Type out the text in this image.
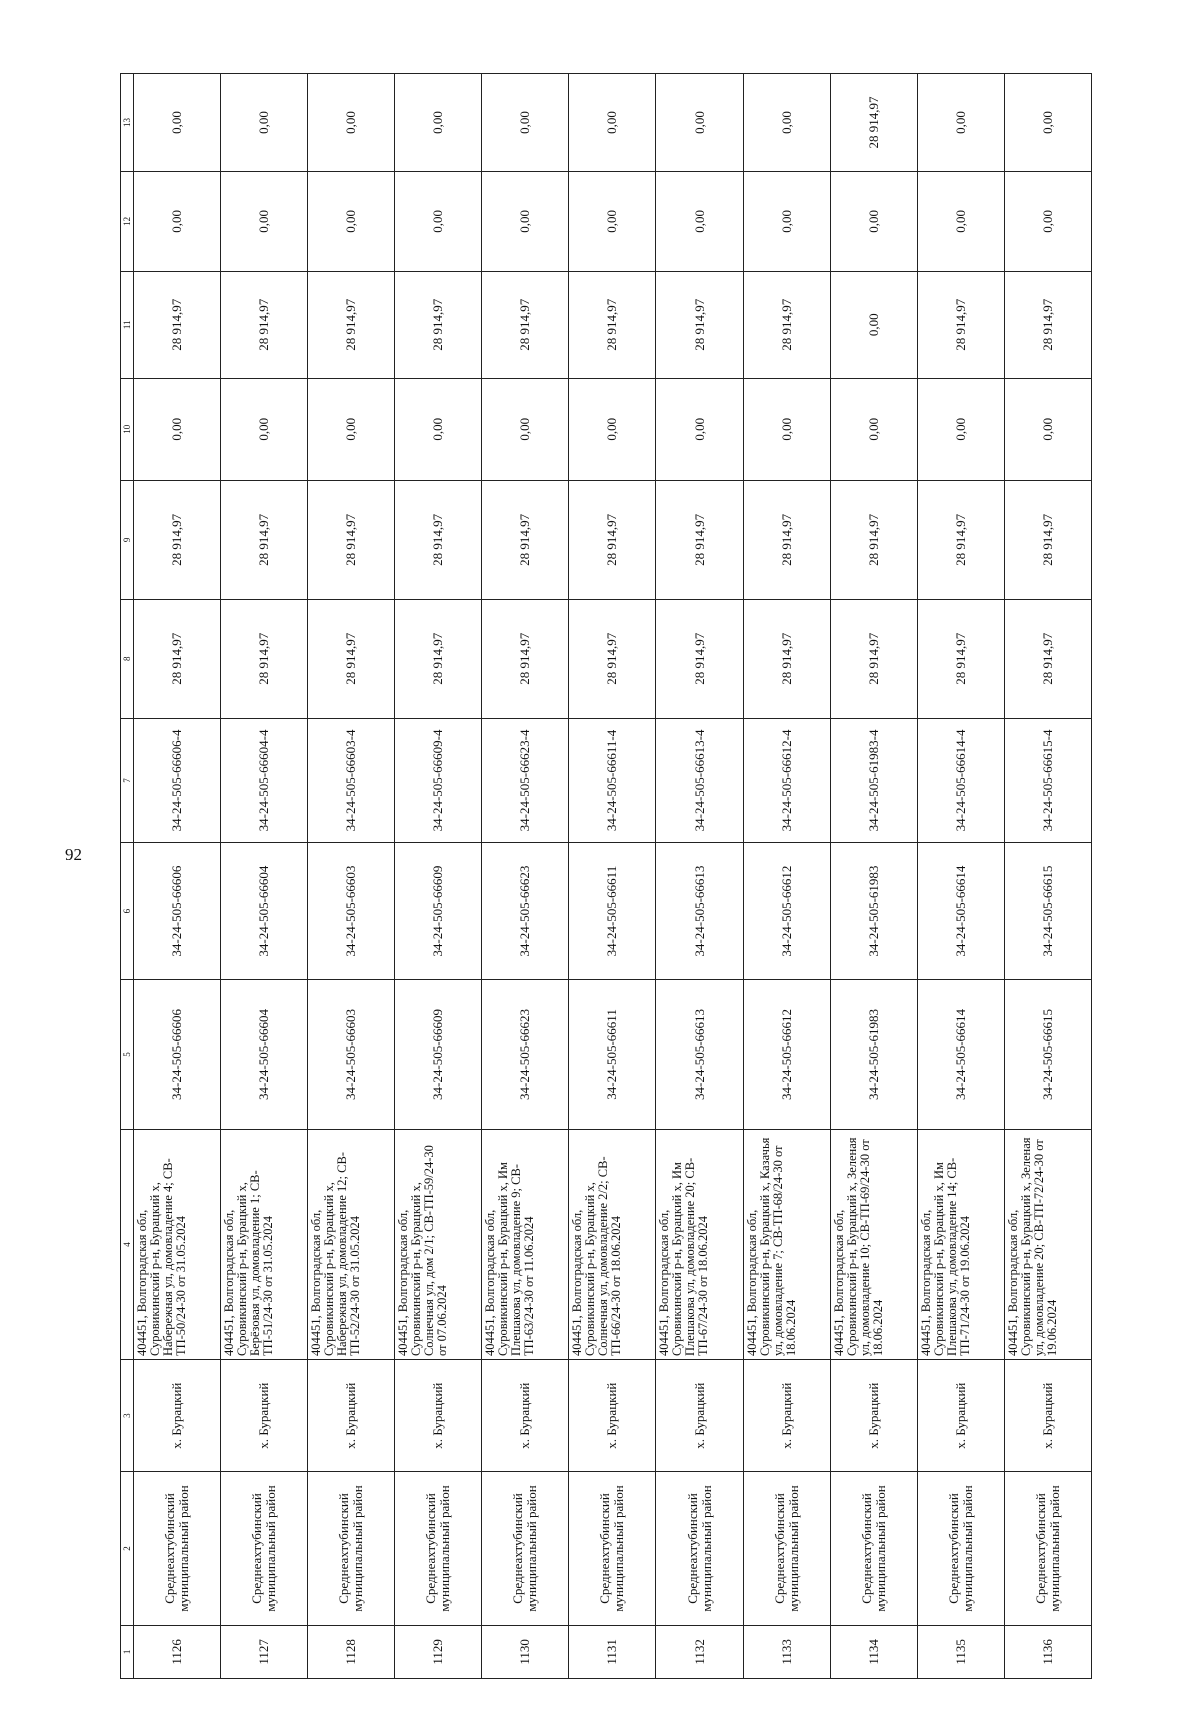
92
1	2	3	4	5	6	7	8	9	10	11	12	13
1126	Среднеахтубинский муниципальный район	х. Бурацкий	404451, Волгоградская обл, Суровикинский р-н, Бурацкий х, Набережная ул, домовладение 4; СВ-ТП-50/24-30 от 31.05.2024	34-24-505-66606	34-24-505-66606	34-24-505-66606-4	28 914,97	28 914,97	0,00	28 914,97	0,00	0,00
1127	Среднеахтубинский муниципальный район	х. Бурацкий	404451, Волгоградская обл, Суровикинский р-н, Бурацкий х, Берёзовая ул, домовладение 1; СВ-ТП-51/24-30 от 31.05.2024	34-24-505-66604	34-24-505-66604	34-24-505-66604-4	28 914,97	28 914,97	0,00	28 914,97	0,00	0,00
1128	Среднеахтубинский муниципальный район	х. Бурацкий	404451, Волгоградская обл, Суровикинский р-н, Бурацкий х, Набережная ул, домовладение 12; СВ-ТП-52/24-30 от 31.05.2024	34-24-505-66603	34-24-505-66603	34-24-505-66603-4	28 914,97	28 914,97	0,00	28 914,97	0,00	0,00
1129	Среднеахтубинский муниципальный район	х. Бурацкий	404451, Волгоградская обл, Суровикинский р-н, Бурацкий х, Солнечная ул, дом 2/1; СВ-ТП-59/24-30 от 07.06.2024	34-24-505-66609	34-24-505-66609	34-24-505-66609-4	28 914,97	28 914,97	0,00	28 914,97	0,00	0,00
1130	Среднеахтубинский муниципальный район	х. Бурацкий	404451, Волгоградская обл, Суровикинский р-н, Бурацкий х, Им Плешакова ул, домовладение 9; СВ-ТП-63/24-30 от 11.06.2024	34-24-505-66623	34-24-505-66623	34-24-505-66623-4	28 914,97	28 914,97	0,00	28 914,97	0,00	0,00
1131	Среднеахтубинский муниципальный район	х. Бурацкий	404451, Волгоградская обл, Суровикинский р-н, Бурацкий х, Солнечная ул, домовладение 2/2; СВ-ТП-66/24-30 от 18.06.2024	34-24-505-66611	34-24-505-66611	34-24-505-66611-4	28 914,97	28 914,97	0,00	28 914,97	0,00	0,00
1132	Среднеахтубинский муниципальный район	х. Бурацкий	404451, Волгоградская обл, Суровикинский р-н, Бурацкий х, Им Плешакова ул, домовладение 20; СВ-ТП-67/24-30 от 18.06.2024	34-24-505-66613	34-24-505-66613	34-24-505-66613-4	28 914,97	28 914,97	0,00	28 914,97	0,00	0,00
1133	Среднеахтубинский муниципальный район	х. Бурацкий	404451, Волгоградская обл, Суровикинский р-н, Бурацкий х, Казачья ул, домовладение 7; СВ-ТП-68/24-30 от 18.06.2024	34-24-505-66612	34-24-505-66612	34-24-505-66612-4	28 914,97	28 914,97	0,00	28 914,97	0,00	0,00
1134	Среднеахтубинский муниципальный район	х. Бурацкий	404451, Волгоградская обл, Суровикинский р-н, Бурацкий х, Зеленая ул, домовладение 10; СВ-ТП-69/24-30 от 18.06.2024	34-24-505-61983	34-24-505-61983	34-24-505-61983-4	28 914,97	28 914,97	0,00	0,00	0,00	28 914,97
1135	Среднеахтубинский муниципальный район	х. Бурацкий	404451, Волгоградская обл, Суровикинский р-н, Бурацкий х, Им Плешакова ул, домовладение 14; СВ-ТП-71/24-30 от 19.06.2024	34-24-505-66614	34-24-505-66614	34-24-505-66614-4	28 914,97	28 914,97	0,00	28 914,97	0,00	0,00
1136	Среднеахтубинский муниципальный район	х. Бурацкий	404451, Волгоградская обл, Суровикинский р-н, Бурацкий х, Зеленая ул, домовладение 20; СВ-ТП-72/24-30 от 19.06.2024	34-24-505-66615	34-24-505-66615	34-24-505-66615-4	28 914,97	28 914,97	0,00	28 914,97	0,00	0,00
